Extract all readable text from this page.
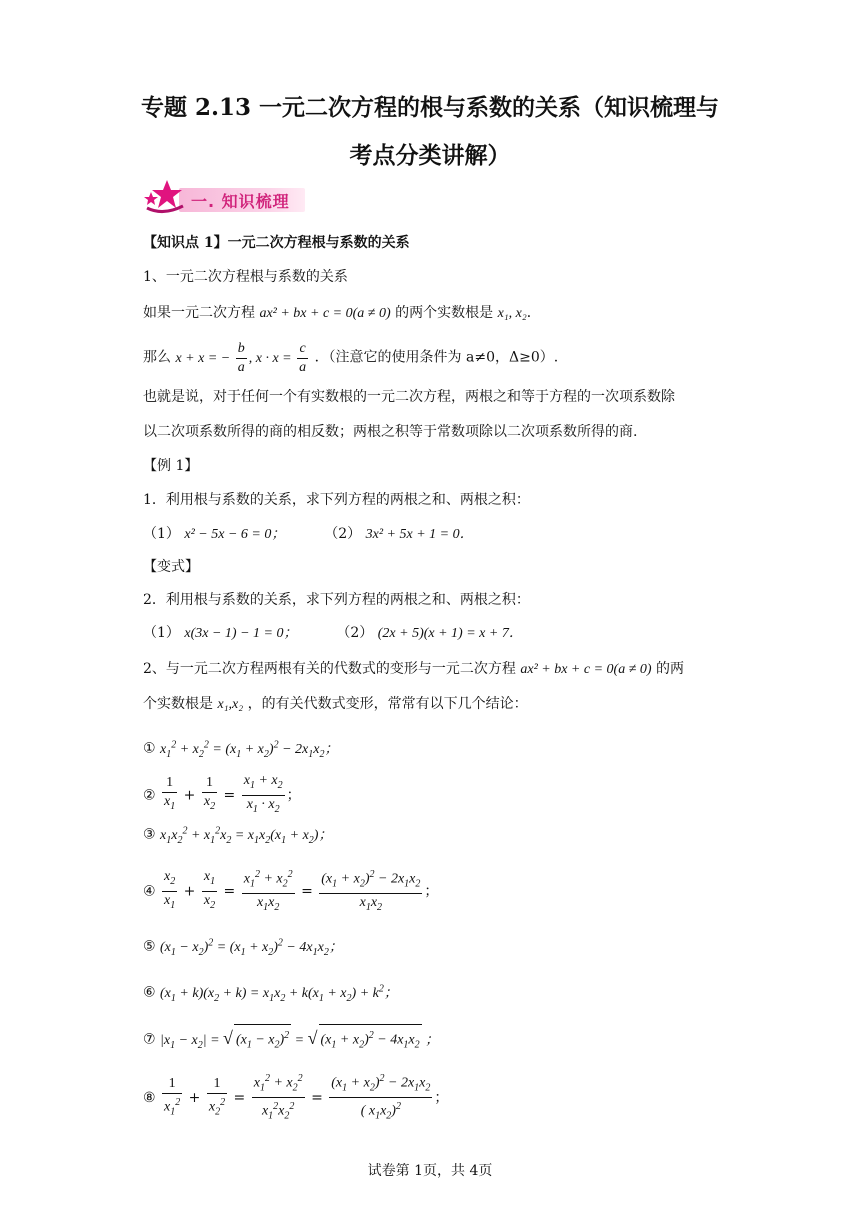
专题 2.13 一元二次方程的根与系数的关系（知识梳理与
考点分类讲解）
一. 知识梳理
【知识点 1】一元二次方程根与系数的关系
1、一元二次方程根与系数的关系
如果一元二次方程 ax² + bx + c = 0(a ≠ 0) 的两个实数根是 x₁, x₂．
那么 x + x = − $\frac{b}{a}$ , $x \cdot x = \frac{c}{a}$ ．（注意它的使用条件为 a≠0，Δ≥0）.
也就是说，对于任何一个有实数根的一元二次方程，两根之和等于方程的一次项系数除
以二次项系数所得的商的相反数；两根之积等于常数项除以二次项系数所得的商.
【例 1】
1．利用根与系数的关系，求下列方程的两根之和、两根之积：
（1） x² − 5x − 6 = 0；	（2） 3x² + 5x + 1 = 0．
【变式】
2．利用根与系数的关系，求下列方程的两根之和、两根之积：
（1） x(3x − 1) − 1 = 0；	（2） (2x + 5)(x + 1) = x + 7．
2、与一元二次方程两根有关的代数式的变形与一元二次方程 ax² + bx + c = 0(a ≠ 0) 的两
个实数根是 x₁,x₂ ，的有关代数式变形，常常有以下几个结论：
① $x_1^2 + x_2^2 = (x_1 + x_2)^2 - 2x_1x_2$；
② $\frac{1}{x_1} + \frac{1}{x_2} = \frac{x_1 + x_2}{x_1 \cdot x_2}$ ；
③ $x_1x_2^2 + x_1^2x_2 = x_1x_2(x_1 + x_2)$；
④ $\frac{x_2}{x_1} + \frac{x_1}{x_2} = \frac{x_1^2 + x_2^2}{x_1x_2} = \frac{(x_1 + x_2)^2 - 2x_1x_2}{x_1x_2}$ ；
⑤ $(x_1 - x_2)^2 = (x_1 + x_2)^2 - 4x_1x_2$；
⑥ $(x_1 + k)(x_2 + k) = x_1x_2 + k(x_1 + x_2) + k^2$；
⑦ $|x_1 - x_2|$ = √ $(x_1 - x_2)^2$ = √ $(x_1 + x_2)^2 - 4x_1x_2$ ；
⑧ $\frac{1}{x_1^2} + \frac{1}{x_2^2} = \frac{x_1^2 + x_2^2}{x_1^2x_2^2} = \frac{(x_1 + x_2)^2 - 2x_1x_2}{( x_1x_2)^2}$ ；
试卷第 1页，共 4页
